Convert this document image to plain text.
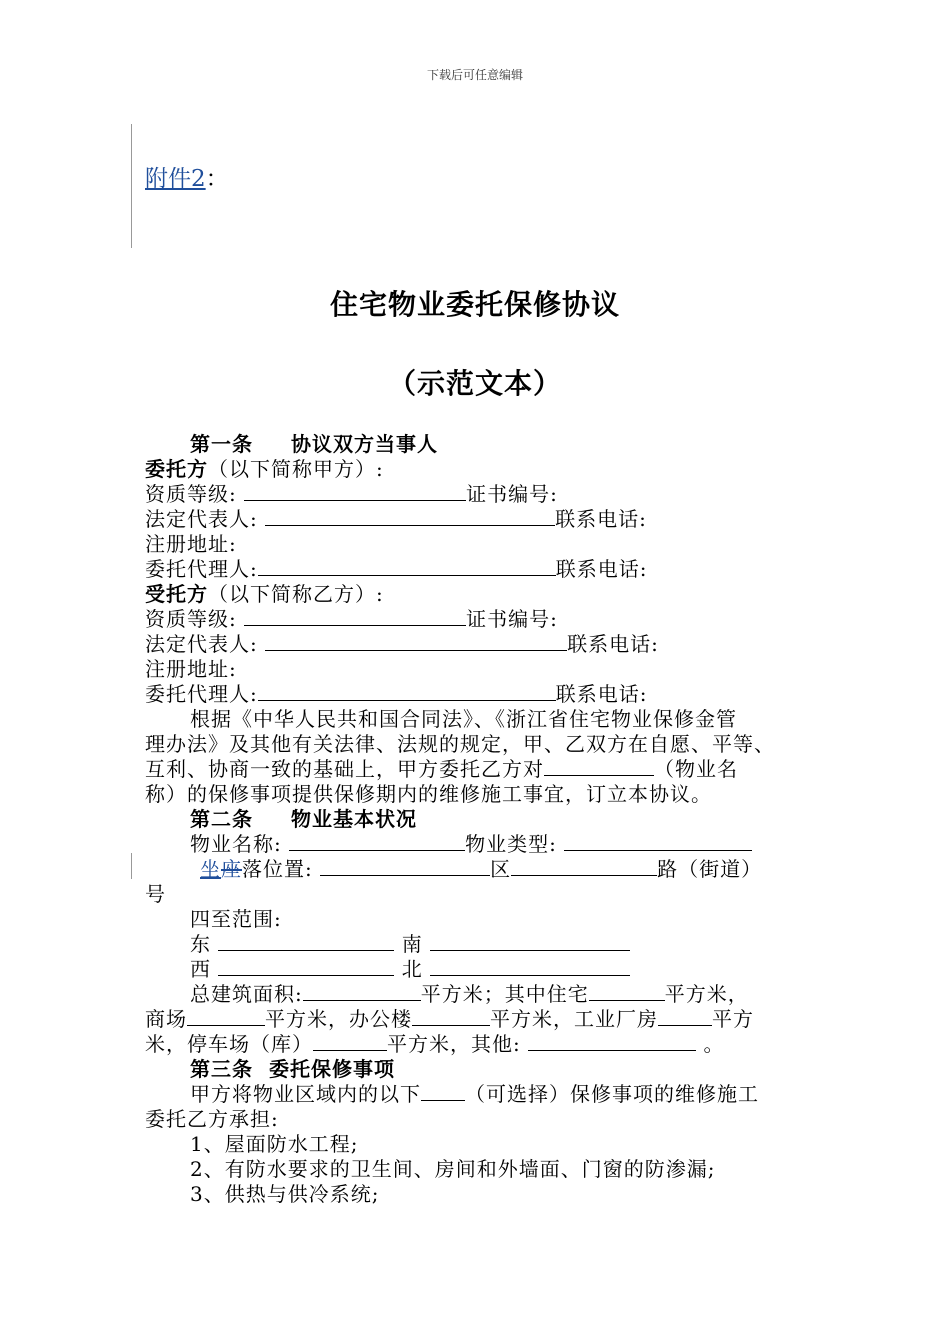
下载后可任意编辑
附件2：
住宅物业委托保修协议
（示范文本）
第一条 协议双方当事人
委托方（以下简称甲方）:
资质等级:	证书编号:
法定代表人:	联系电话:
注册地址:
委托代理人:	联系电话:
受托方（以下简称乙方）:
资质等级:	证书编号:
法定代表人:	联系电话:
注册地址:
委托代理人:	联系电话:
根据《中华人民共和国合同法》、《浙江省住宅物业保修金管
理办法》及其他有关法律、法规的规定，甲、乙双方在自愿、平等、
互利、协商一致的基础上，甲方委托乙方对	（物业名
称）的保修事项提供保修期内的维修施工事宜，订立本协议。
第二条 物业基本状况
物业名称:	物业类型:
坐座落位置:	区	路（街道）
号
四至范围:
东	南
西	北
总建筑面积:	平方米；其中住宅	平方米，
商场	平方米，办公楼	平方米，工业厂房	平方
米，停车场（库）	平方米，其他:	。
第三条 委托保修事项
甲方将物业区域内的以下 （可选择）保修事项的维修施工
委托乙方承担:
1、屋面防水工程;
2、有防水要求的卫生间、房间和外墙面、门窗的防渗漏;
3、供热与供冷系统;
